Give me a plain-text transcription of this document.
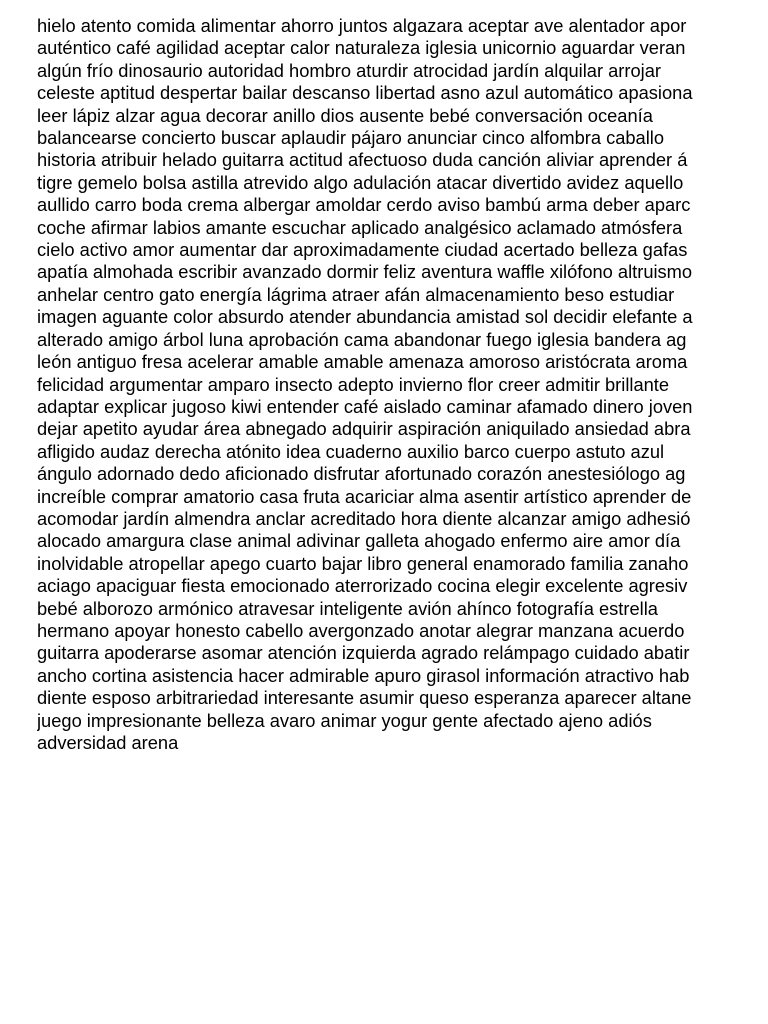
hielo atento comida alimentar ahorro juntos algazara aceptar ave alentador apor
auténtico café agilidad aceptar calor naturaleza iglesia unicornio aguardar veran
algún frío dinosaurio autoridad hombro aturdir atrocidad jardín alquilar arrojar
celeste aptitud despertar bailar descanso libertad asno azul automático apasiona
leer lápiz alzar agua decorar anillo dios ausente bebé conversación oceanía
balancearse concierto buscar aplaudir pájaro anunciar cinco alfombra caballo
historia atribuir helado guitarra actitud afectuoso duda canción aliviar aprender á
tigre gemelo bolsa astilla atrevido algo adulación atacar divertido avidez aquello
aullido carro boda crema albergar amoldar cerdo aviso bambú arma deber aparc
coche afirmar labios amante escuchar aplicado analgésico aclamado atmósfera
cielo activo amor aumentar dar aproximadamente ciudad acertado belleza gafas
apatía almohada escribir avanzado dormir feliz aventura waffle xilófono altruismo
anhelar centro gato energía lágrima atraer afán almacenamiento beso estudiar
imagen aguante color absurdo atender abundancia amistad sol decidir elefante a
alterado amigo árbol luna aprobación cama abandonar fuego iglesia bandera ag
león antiguo fresa acelerar amable amable amenaza amoroso aristócrata aroma
felicidad argumentar amparo insecto adepto invierno flor creer admitir brillante
adaptar explicar jugoso kiwi entender café aislado caminar afamado dinero joven
dejar apetito ayudar área abnegado adquirir aspiración aniquilado ansiedad abra
afligido audaz derecha atónito idea cuaderno auxilio barco cuerpo astuto azul
ángulo adornado dedo aficionado disfrutar afortunado corazón anestesiólogo ag
increíble comprar amatorio casa fruta acariciar alma asentir artístico aprender de
acomodar jardín almendra anclar acreditado hora diente alcanzar amigo adhesió
alocado amargura clase animal adivinar galleta ahogado enfermo aire amor día
inolvidable atropellar apego cuarto bajar libro general enamorado familia zanaho
aciago apaciguar fiesta emocionado aterrorizado cocina elegir excelente agresiv
bebé alborozo armónico atravesar inteligente avión ahínco fotografía estrella
hermano apoyar honesto cabello avergonzado anotar alegrar manzana acuerdo
guitarra apoderarse asomar atención izquierda agrado relámpago cuidado abatir
ancho cortina asistencia hacer admirable apuro girasol información atractivo hab
diente esposo arbitrariedad interesante asumir queso esperanza aparecer altane
juego impresionante belleza avaro animar yogur gente afectado ajeno adiós
adversidad arena
